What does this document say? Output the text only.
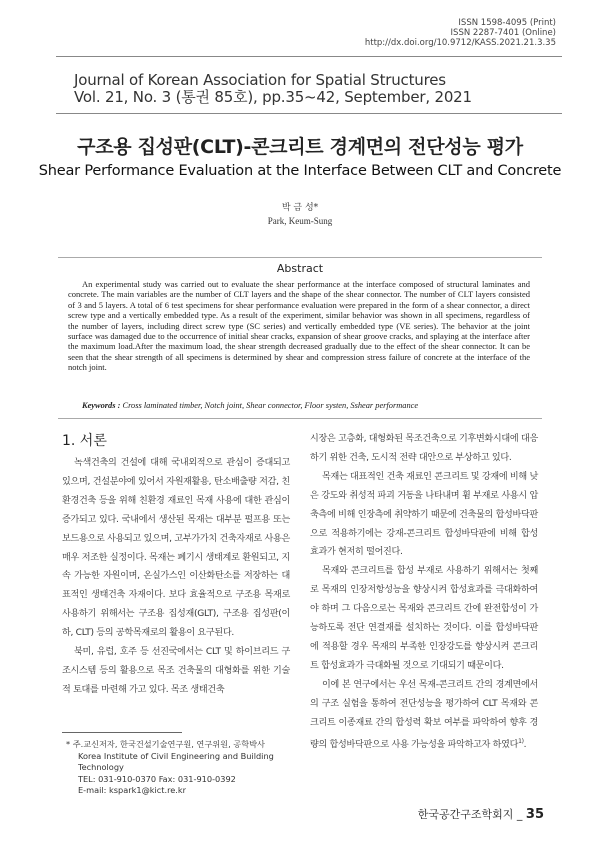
ISSN 1598-4095 (Print)
ISSN 2287-7401 (Online)
http://dx.doi.org/10.9712/KASS.2021.21.3.35
Journal of Korean Association for Spatial Structures
Vol. 21, No. 3 (통권 85호), pp.35~42, September, 2021
구조용 집성판(CLT)-콘크리트 경계면의 전단성능 평가
Shear Performance Evaluation at the Interface Between CLT and Concrete
박 금 성*
Park, Keum-Sung
Abstract
An experimental study was carried out to evaluate the shear performance at the interface composed of structural laminates and concrete. The main variables are the number of CLT layers and the shape of the shear connector. The number of CLT layers consisted of 3 and 5 layers. A total of 6 test specimens for shear performance evaluation were prepared in the form of a shear connector, a direct screw type and a vertically embedded type. As a result of the experiment, similar behavior was shown in all specimens, regardless of the number of layers, including direct screw type (SC series) and vertically embedded type (VE series). The behavior at the joint surface was damaged due to the occurrence of initial shear cracks, expansion of shear groove cracks, and splaying at the interface after the maximum load.After the maximum load, the shear strength decreased gradually due to the effect of the shear connector. It can be seen that the shear strength of all specimens is determined by shear and compression stress failure of concrete at the interface of the notch joint.
Keywords : Cross laminated timber, Notch joint, Shear connector, Floor systen, Sshear performance
1. 서론

녹색건축의 건설에 대해 국내외적으로 관심이 증대되고 있으며, 건설분야에 있어서 자원재활용, 탄소배출량 저감, 친환경건축 등을 위해 친환경 재료인 목재 사용에 대한 관심이 증가되고 있다. 국내에서 생산된 목재는 대부분 펄프용 또는 보드용으로 사용되고 있으며, 고부가가치 건축자재로 사용은 매우 저조한 실정이다. 목재는 폐기시 생태계로 환원되고, 지속 가능한 자원이며, 온실가스인 이산화탄소를 저장하는 대표적인 생태건축 자재이다. 보다 효율적으로 구조용 목재로 사용하기 위해서는 구조용 집성재(GLT), 구조용 집성판(이하, CLT) 등의 공학목재로의 활용이 요구된다.

북미, 유럽, 호주 등 선진국에서는 CLT 및 하이브리드 구조시스템 등의 활용으로 목조 건축물의 대형화를 위한 기술적 토대를 마련해 가고 있다. 목조 생태건축

시장은 고층화, 대형화된 목조건축으로 기후변화시대에 대응하기 위한 건축, 도시적 전략 대안으로 부상하고 있다.

목재는 대표적인 건축 재료인 콘크리트 및 강재에 비해 낮은 강도와 취성적 파괴 거동을 나타내며 휨 부재로 사용시 압축측에 비해 인장측에 취약하기 때문에 건축물의 합성바닥판으로 적용하기에는 강재-콘크리트 합성바닥판에 비해 합성효과가 현저히 떨어진다.

목재와 콘크리트를 합성 부재로 사용하기 위해서는 첫째로 목재의 인장저항성능을 향상시켜 합성효과를 극대화하여야 하며 그 다음으로는 목재와 콘크리트 간에 완전합성이 가능하도록 전단 연결재를 설치하는 것이다. 이를 합성바닥판에 적용할 경우 목재의 부족한 인장강도를 향상시켜 콘크리트 합성효과가 극대화될 것으로 기대되기 때문이다.

이에 본 연구에서는 우선 목재-콘크리트 간의 경계면에서의 구조 실험을 통하여 전단성능을 평가하여 CLT 목재와 콘크리트 이종재료 간의 합성력 확보 여부를 파악하여 향후 경량의 합성바닥판으로 사용 가능성을 파악하고자 하였다$^{1)}$.

* 주.교신저자, 한국건설기술연구원, 연구위원, 공학박사
Korea Institute of Civil Engineering and Building
Technology
TEL: 031-910-0370 Fax: 031-910-0392
E-mail: kspark1@kict.re.kr
한국공간구조학회지 _ 35
